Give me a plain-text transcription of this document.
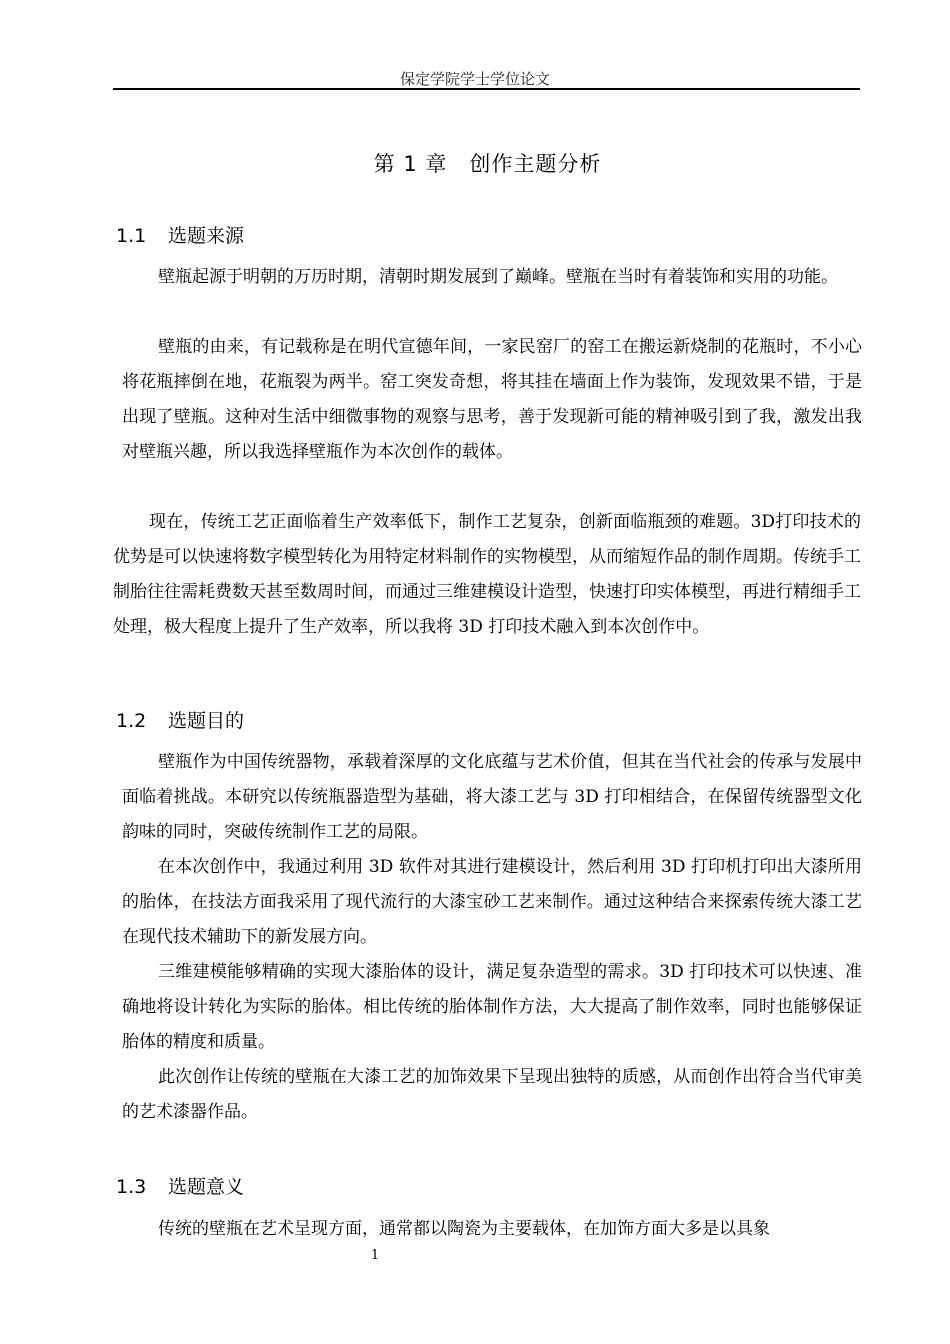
保定学院学士学位论文
第 1 章　创作主题分析
1.1 选题来源

壁瓶起源于明朝的万历时期，清朝时期发展到了巅峰。壁瓶在当时有着装饰和实用的功能。

壁瓶的由来，有记载称是在明代宣德年间，一家民窑厂的窑工在搬运新烧制的花瓶时，不小心将花瓶摔倒在地，花瓶裂为两半。窑工突发奇想，将其挂在墙面上作为装饰，发现效果不错，于是出现了壁瓶。这种对生活中细微事物的观察与思考，善于发现新可能的精神吸引到了我，激发出我对壁瓶兴趣，所以我选择壁瓶作为本次创作的载体。

现在，传统工艺正面临着生产效率低下，制作工艺复杂，创新面临瓶颈的难题。3D打印技术的优势是可以快速将数字模型转化为用特定材料制作的实物模型，从而缩短作品的制作周期。传统手工制胎往往需耗费数天甚至数周时间，而通过三维建模设计造型，快速打印实体模型，再进行精细手工处理，极大程度上提升了生产效率，所以我将 3D 打印技术融入到本次创作中。

1.2 选题目的

壁瓶作为中国传统器物，承载着深厚的文化底蕴与艺术价值，但其在当代社会的传承与发展中面临着挑战。本研究以传统瓶器造型为基础，将大漆工艺与 3D 打印相结合，在保留传统器型文化韵味的同时，突破传统制作工艺的局限。

在本次创作中，我通过利用 3D 软件对其进行建模设计，然后利用 3D 打印机打印出大漆所用的胎体，在技法方面我采用了现代流行的大漆宝砂工艺来制作。通过这种结合来探索传统大漆工艺在现代技术辅助下的新发展方向。

三维建模能够精确的实现大漆胎体的设计，满足复杂造型的需求。3D 打印技术可以快速、准确地将设计转化为实际的胎体。相比传统的胎体制作方法，大大提高了制作效率，同时也能够保证胎体的精度和质量。

此次创作让传统的壁瓶在大漆工艺的加饰效果下呈现出独特的质感，从而创作出符合当代审美的艺术漆器作品。

1.3 选题意义

传统的壁瓶在艺术呈现方面，通常都以陶瓷为主要载体，在加饰方面大多是以具象

1
